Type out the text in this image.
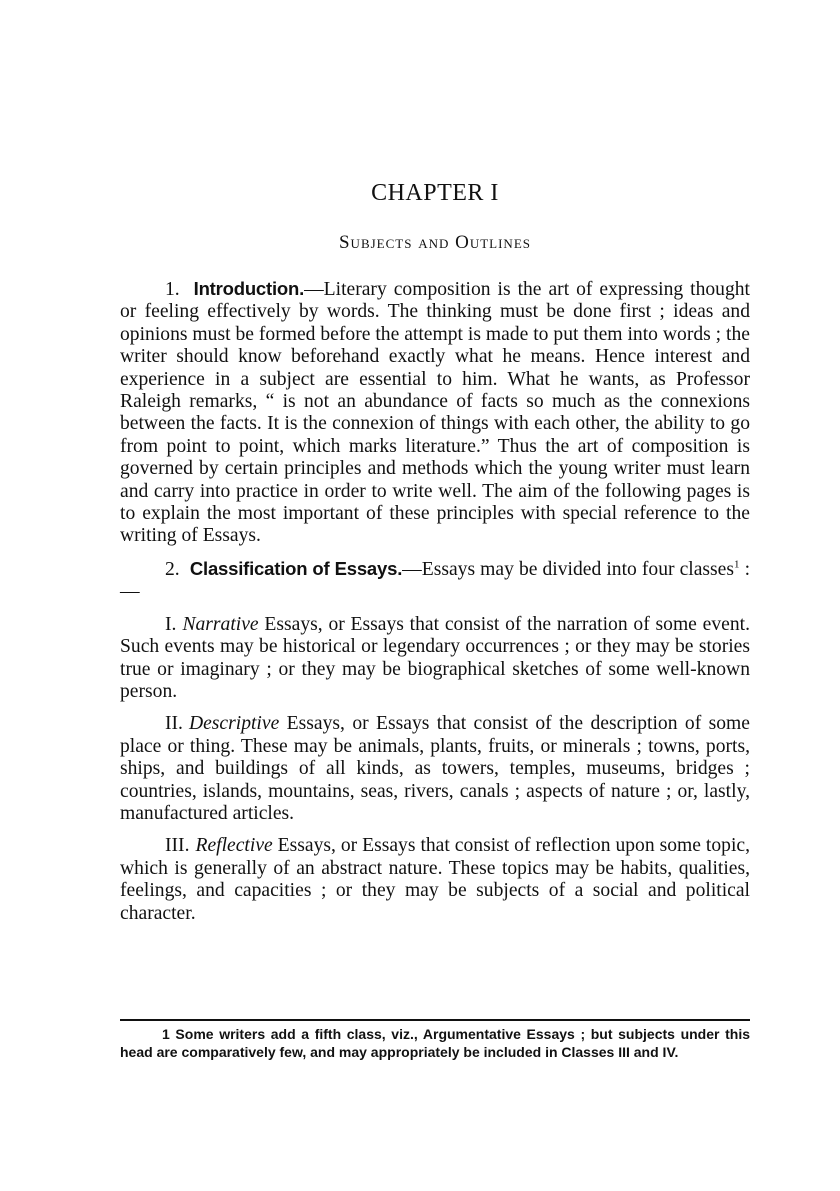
CHAPTER I
Subjects and Outlines

1. Introduction.—Literary composition is the art of expressing thought or feeling effectively by words. The thinking must be done first ; ideas and opinions must be formed before the attempt is made to put them into words ; the writer should know beforehand exactly what he means. Hence interest and experience in a subject are essential to him. What he wants, as Professor Raleigh remarks, “ is not an abundance of facts so much as the connexions between the facts. It is the connexion of things with each other, the ability to go from point to point, which marks literature.” Thus the art of composition is governed by certain principles and methods which the young writer must learn and carry into practice in order to write well. The aim of the following pages is to explain the most important of these principles with special reference to the writing of Essays.

2. Classification of Essays.—Essays may be divided into four classes$^1$ :—

I. Narrative Essays, or Essays that consist of the narration of some event. Such events may be historical or legendary occurrences ; or they may be stories true or imaginary ; or they may be biographical sketches of some well-known person.

II. Descriptive Essays, or Essays that consist of the description of some place or thing. These may be animals, plants, fruits, or minerals ; towns, ports, ships, and buildings of all kinds, as towers, temples, museums, bridges ; countries, islands, mountains, seas, rivers, canals ; aspects of nature ; or, lastly, manufactured articles.

III. Reflective Essays, or Essays that consist of reflection upon some topic, which is generally of an abstract nature. These topics may be habits, qualities, feelings, and capacities ; or they may be subjects of a social and political character.

1 Some writers add a fifth class, viz., Argumentative Essays ; but subjects under this head are comparatively few, and may appropriately be included in Classes III and IV.
